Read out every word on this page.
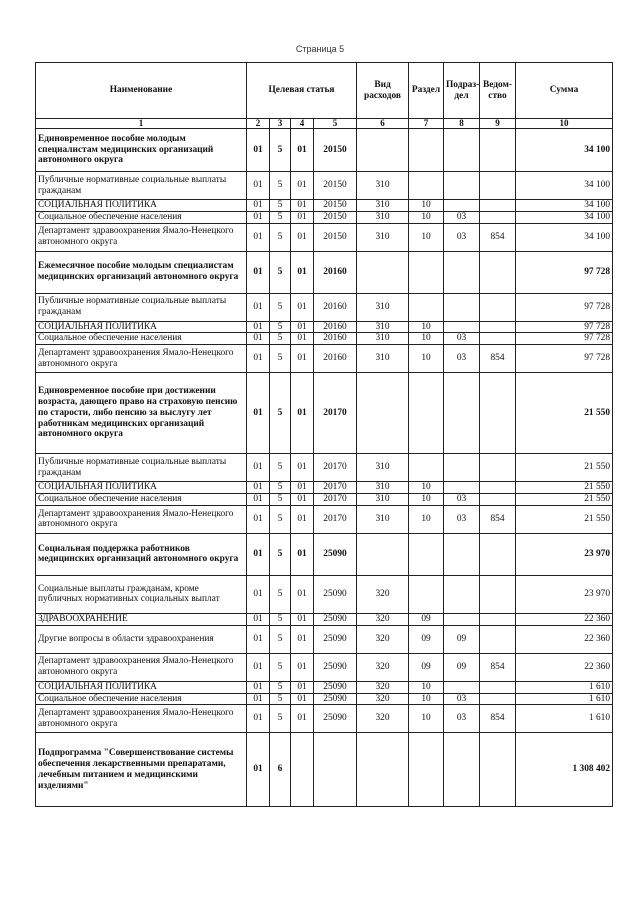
Страница 5
Наименование	Целевая статья				Вид расходов	Раздел	Подраз-дел	Ведом-ство	Сумма
1	2	3	4	5	6	7	8	9	10
Единовременное пособие молодым специалистам медицинских организаций автономного округа	01	5	01	20150					34 100
Публичные нормативные социальные выплаты гражданам	01	5	01	20150	310				34 100
СОЦИАЛЬНАЯ ПОЛИТИКА	01	5	01	20150	310	10			34 100
Социальное обеспечение населения	01	5	01	20150	310	10	03		34 100
Департамент здравоохранения Ямало-Ненецкого автономного округа	01	5	01	20150	310	10	03	854	34 100
Ежемесячное пособие молодым специалистам медицинских организаций автономного округа	01	5	01	20160					97 728
Публичные нормативные социальные выплаты гражданам	01	5	01	20160	310				97 728
СОЦИАЛЬНАЯ ПОЛИТИКА	01	5	01	20160	310	10			97 728
Социальное обеспечение населения	01	5	01	20160	310	10	03		97 728
Департамент здравоохранения Ямало-Ненецкого автономного округа	01	5	01	20160	310	10	03	854	97 728
Единовременное пособие при достижении возраста, дающего право на страховую пенсию по старости, либо пенсию за выслугу лет работникам медицинских организаций автономного округа	01	5	01	20170					21 550
Публичные нормативные социальные выплаты гражданам	01	5	01	20170	310				21 550
СОЦИАЛЬНАЯ ПОЛИТИКА	01	5	01	20170	310	10			21 550
Социальное обеспечение населения	01	5	01	20170	310	10	03		21 550
Департамент здравоохранения Ямало-Ненецкого автономного округа	01	5	01	20170	310	10	03	854	21 550
Социальная поддержка работников медицинских организаций автономного округа	01	5	01	25090					23 970
Социальные выплаты гражданам, кроме публичных нормативных социальных выплат	01	5	01	25090	320				23 970
ЗДРАВООХРАНЕНИЕ	01	5	01	25090	320	09			22 360
Другие вопросы в области здравоохранения	01	5	01	25090	320	09	09		22 360
Департамент здравоохранения Ямало-Ненецкого автономного округа	01	5	01	25090	320	09	09	854	22 360
СОЦИАЛЬНАЯ ПОЛИТИКА	01	5	01	25090	320	10			1 610
Социальное обеспечение населения	01	5	01	25090	320	10	03		1 610
Департамент здравоохранения Ямало-Ненецкого автономного округа	01	5	01	25090	320	10	03	854	1 610
Подпрограмма "Совершенствование системы обеспечения лекарственными препаратами, лечебным питанием и медицинскими изделиями"	01	6							1 308 402
